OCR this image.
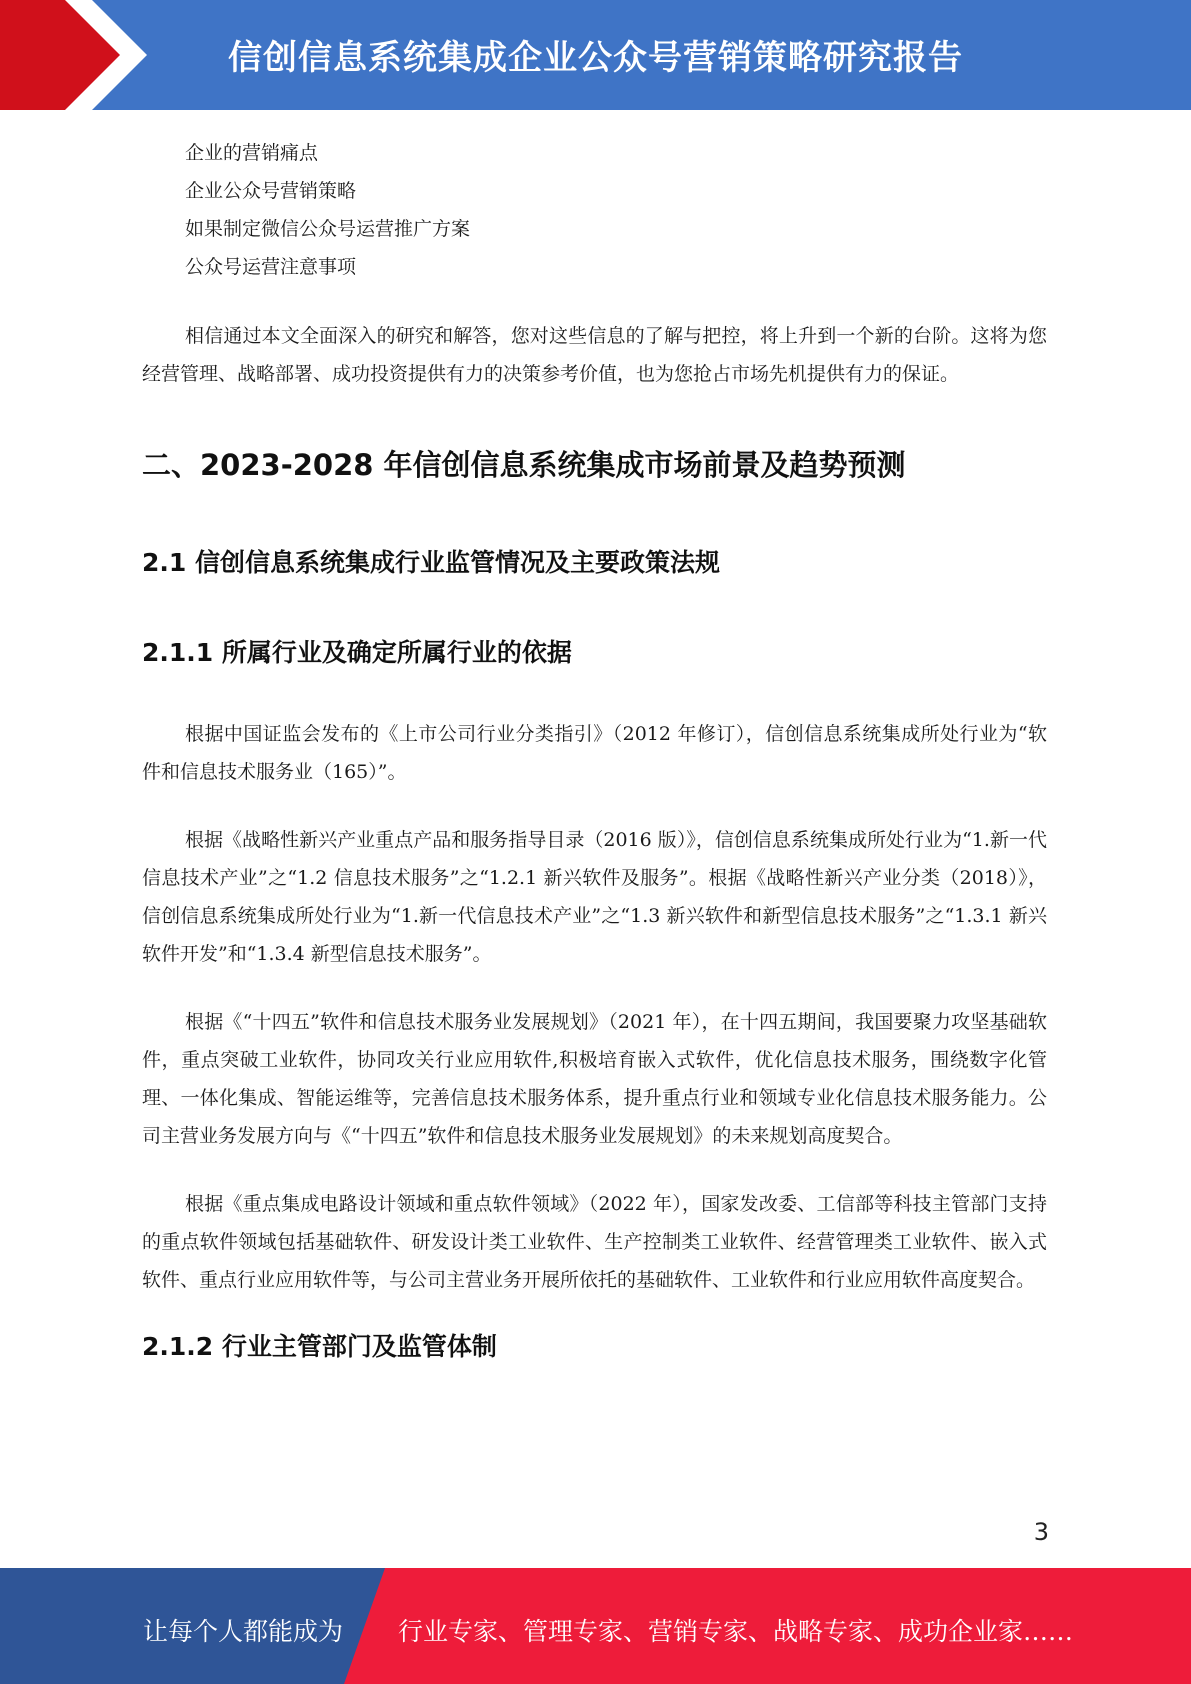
信创信息系统集成企业公众号营销策略研究报告
企业的营销痛点
企业公众号营销策略
如果制定微信公众号运营推广方案
公众号运营注意事项

相信通过本文全面深入的研究和解答，您对这些信息的了解与把控，将上升到一个新的台阶。这将为您经营管理、战略部署、成功投资提供有力的决策参考价值，也为您抢占市场先机提供有力的保证。

二、2023-2028 年信创信息系统集成市场前景及趋势预测
2.1 信创信息系统集成行业监管情况及主要政策法规
2.1.1 所属行业及确定所属行业的依据

根据中国证监会发布的《上市公司行业分类指引》（2012 年修订），信创信息系统集成所处行业为“软件和信息技术服务业（165）”。

根据《战略性新兴产业重点产品和服务指导目录（2016 版）》，信创信息系统集成所处行业为“1.新一代信息技术产业”之“1.2 信息技术服务”之“1.2.1 新兴软件及服务”。根据《战略性新兴产业分类（2018）》，信创信息系统集成所处行业为“1.新一代信息技术产业”之“1.3 新兴软件和新型信息技术服务”之“1.3.1 新兴软件开发”和“1.3.4 新型信息技术服务”。

根据《“十四五”软件和信息技术服务业发展规划》（2021 年），在十四五期间，我国要聚力攻坚基础软件，重点突破工业软件，协同攻关行业应用软件,积极培育嵌入式软件，优化信息技术服务，围绕数字化管理、一体化集成、智能运维等，完善信息技术服务体系，提升重点行业和领域专业化信息技术服务能力。公司主营业务发展方向与《“十四五”软件和信息技术服务业发展规划》的未来规划高度契合。

根据《重点集成电路设计领域和重点软件领域》（2022 年），国家发改委、工信部等科技主管部门支持的重点软件领域包括基础软件、研发设计类工业软件、生产控制类工业软件、经营管理类工业软件、嵌入式软件、重点行业应用软件等，与公司主营业务开展所依托的基础软件、工业软件和行业应用软件高度契合。

2.1.2 行业主管部门及监管体制
3
让每个人都能成为 行业专家、管理专家、营销专家、战略专家、成功企业家……
